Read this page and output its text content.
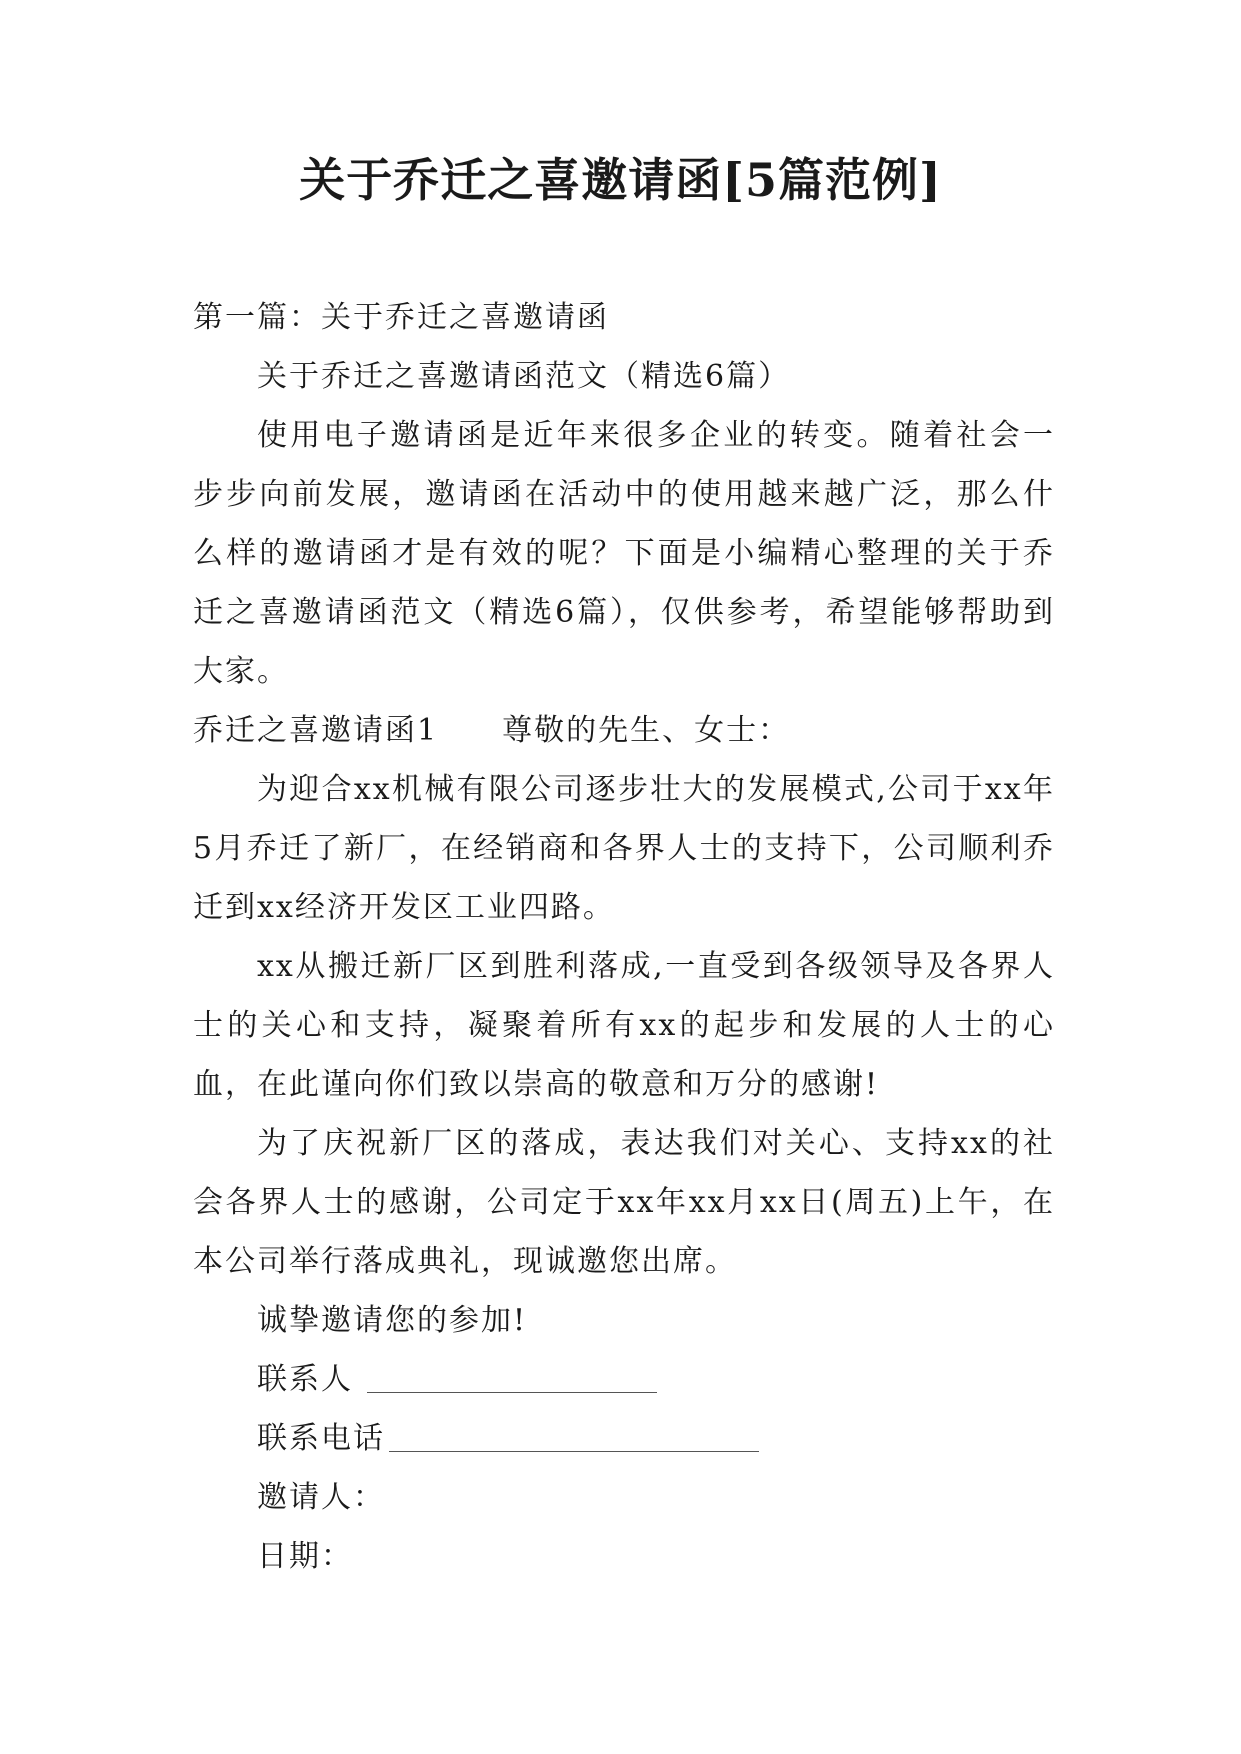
关于乔迁之喜邀请函[5篇范例]

第一篇：关于乔迁之喜邀请函

关于乔迁之喜邀请函范文（精选6篇）

使用电子邀请函是近年来很多企业的转变。随着社会一步步向前发展，邀请函在活动中的使用越来越广泛，那么什么样的邀请函才是有效的呢？下面是小编精心整理的关于乔迁之喜邀请函范文（精选6篇），仅供参考，希望能够帮助到大家。

乔迁之喜邀请函1 尊敬的先生、女士：

为迎合xx机械有限公司逐步壮大的发展模式,公司于xx年5月乔迁了新厂，在经销商和各界人士的支持下，公司顺利乔迁到xx经济开发区工业四路。

xx从搬迁新厂区到胜利落成,一直受到各级领导及各界人士的关心和支持，凝聚着所有xx的起步和发展的人士的心血，在此谨向你们致以崇高的敬意和万分的感谢!

为了庆祝新厂区的落成，表达我们对关心、支持xx的社会各界人士的感谢，公司定于xx年xx月xx日(周五)上午，在本公司举行落成典礼，现诚邀您出席。

诚挚邀请您的参加!

联系人

联系电话

邀请人：

日期：
